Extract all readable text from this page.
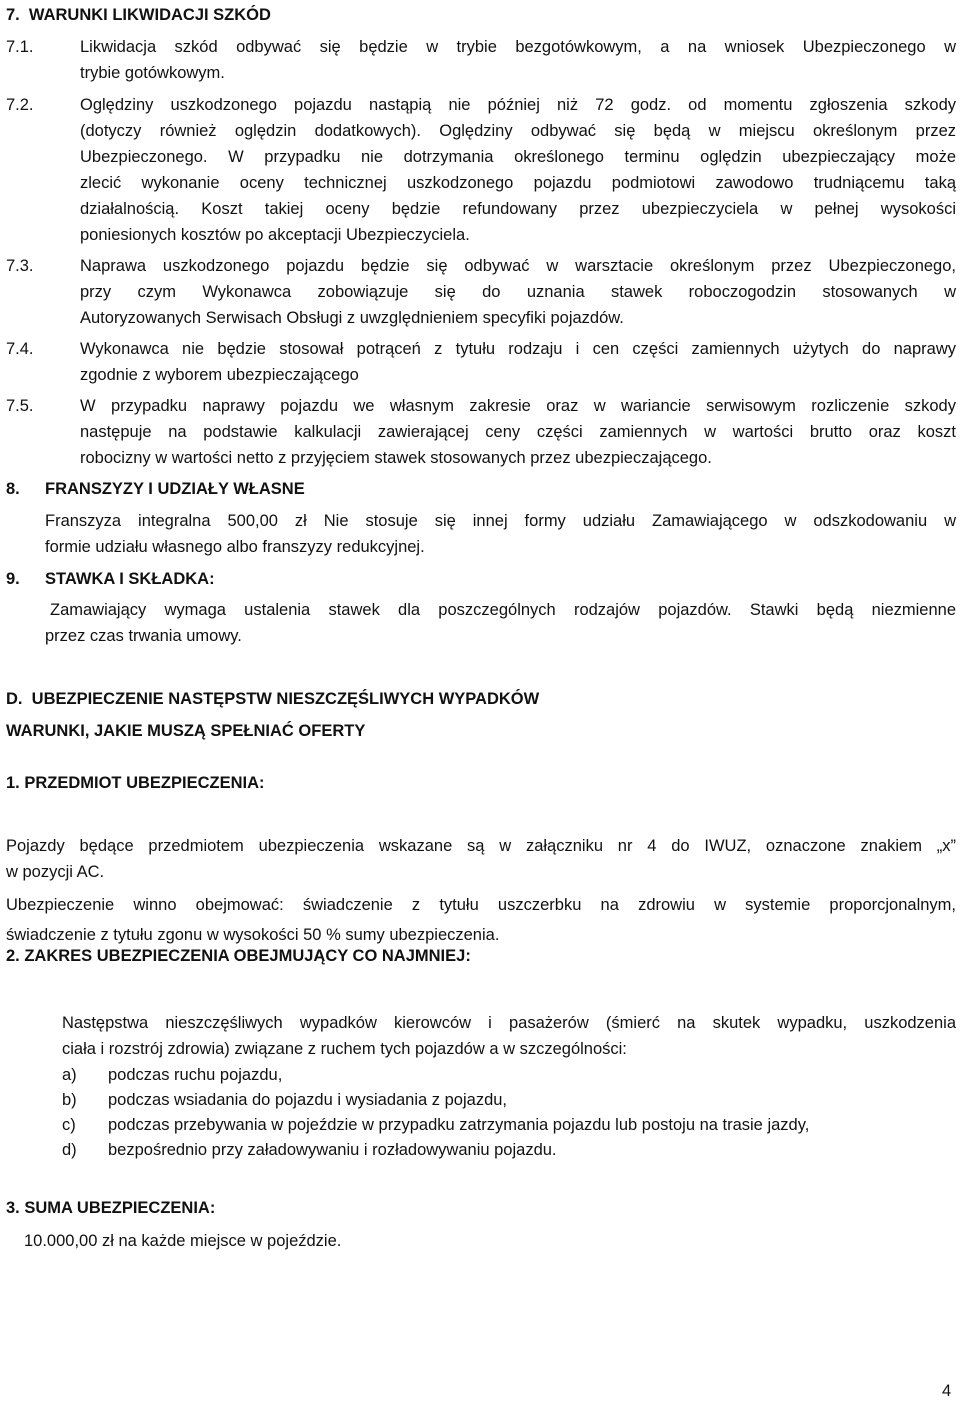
7.  WARUNKI LIKWIDACJI SZKÓD
7.1.	Likwidacja szkód odbywać się będzie w trybie bezgotówkowym, a na wniosek Ubezpieczonego w
trybie gotówkowym.
7.2.	Oględziny uszkodzonego pojazdu nastąpią nie później niż 72 godz. od momentu zgłoszenia szkody
(dotyczy również oględzin dodatkowych). Oględziny odbywać się będą w miejscu określonym przez
Ubezpieczonego. W przypadku nie dotrzymania określonego terminu oględzin ubezpieczający może
zlecić wykonanie oceny technicznej uszkodzonego pojazdu podmiotowi zawodowo trudniącemu taką
działalnością. Koszt takiej oceny będzie refundowany przez ubezpieczyciela w pełnej wysokości
poniesionych kosztów po akceptacji Ubezpieczyciela.
7.3.	Naprawa uszkodzonego pojazdu będzie się odbywać w warsztacie określonym przez Ubezpieczonego,
przy czym Wykonawca zobowiązuje się do uznania stawek roboczogodzin stosowanych w
Autoryzowanych Serwisach Obsługi z uwzględnieniem specyfiki pojazdów.
7.4.	Wykonawca nie będzie stosował potrąceń z tytułu rodzaju i cen części zamiennych użytych do naprawy
zgodnie z wyborem ubezpieczającego
7.5.	W przypadku naprawy pojazdu we własnym zakresie oraz w wariancie serwisowym rozliczenie szkody
następuje na podstawie kalkulacji zawierającej ceny części zamiennych w wartości brutto oraz koszt
robocizny w wartości netto z przyjęciem stawek stosowanych przez ubezpieczającego.
8. FRANSZYZY I UDZIAŁY WŁASNE
Franszyza integralna 500,00 zł Nie stosuje się innej formy udziału Zamawiającego w odszkodowaniu w
formie udziału własnego albo franszyzy redukcyjnej.
9. STAWKA I SKŁADKA:
Zamawiający wymaga ustalenia stawek dla poszczególnych rodzajów pojazdów. Stawki będą niezmienne
przez czas trwania umowy.
D.  UBEZPIECZENIE NASTĘPSTW NIESZCZĘŚLIWYCH WYPADKÓW
WARUNKI, JAKIE MUSZĄ SPEŁNIAĆ OFERTY
1. PRZEDMIOT UBEZPIECZENIA:
Pojazdy będące przedmiotem ubezpieczenia wskazane są w załączniku nr 4 do IWUZ, oznaczone znakiem „x”
w pozycji AC.
Ubezpieczenie winno obejmować: świadczenie z tytułu uszczerbku na zdrowiu w systemie proporcjonalnym,
świadczenie z tytułu zgonu w wysokości 50 % sumy ubezpieczenia.
2. ZAKRES UBEZPIECZENIA OBEJMUJĄCY CO NAJMNIEJ:
Następstwa nieszczęśliwych wypadków kierowców i pasażerów (śmierć na skutek wypadku, uszkodzenia
ciała i rozstrój zdrowia) związane z ruchem tych pojazdów a w szczególności:
a) podczas ruchu pojazdu,
b) podczas wsiadania do pojazdu i wysiadania z pojazdu,
c) podczas przebywania w pojeździe w przypadku zatrzymania pojazdu lub postoju na trasie jazdy,
d) bezpośrednio przy załadowywaniu i rozładowywaniu pojazdu.
3. SUMA UBEZPIECZENIA:
10.000,00 zł na każde miejsce w pojeździe.
4
